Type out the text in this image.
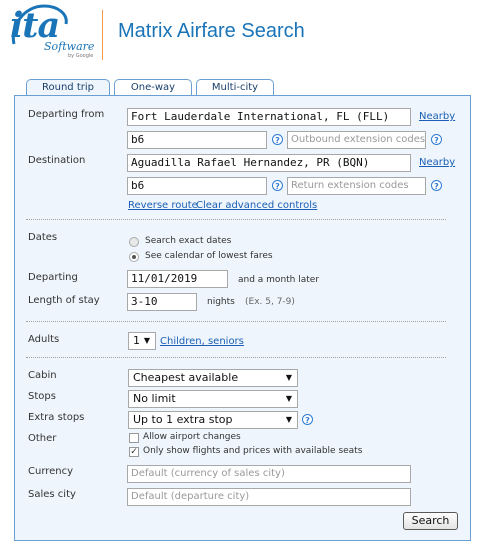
ita
Software
by Google
Matrix Airfare Search
Round trip	One-way	Multi-city
Departing from	Fort Lauderdale International, FL (FLL)	Nearby
b6	?	Outbound extension codes	?
Destination	Aguadilla Rafael Hernandez, PR (BQN)	Nearby
b6	?	Return extension codes	?
Reverse route
Clear advanced controls
Dates	Search exact dates
See calendar of lowest fares
Departing	11/01/2019	and a month later
Length of stay	3-10	nights (Ex. 5, 7-9)
Adults	1 ▼ Children, seniors
Cabin	Cheapest available	▼
Stops	No limit	▼
Extra stops	Up to 1 extra stop	▼	?
Other	Allow airport changes
✓ Only show flights and prices with available seats
Currency	Default (currency of sales city)
Sales city	Default (departure city)
Search
